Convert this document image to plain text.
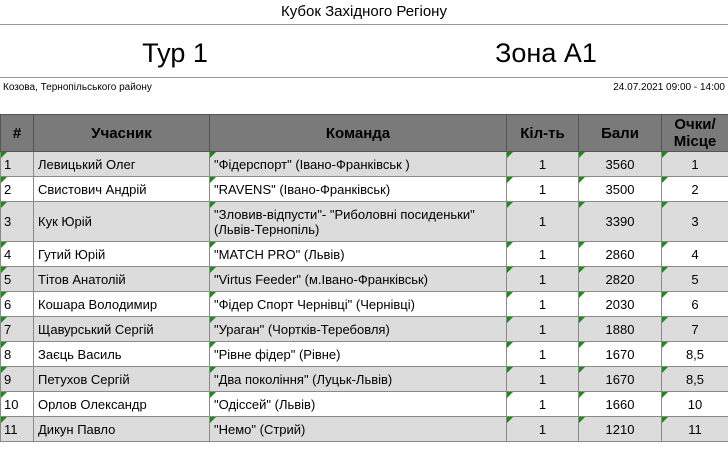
Кубок Західного Регіону
Тур 1	Зона А1
Козова, Тернопільського району	24.07.2021 09:00 - 14:00
#	Учасник	Команда	Кіл-ть	Бали	Очки/
Місце
1	Левицький Олег	"Фідерспорт" (Івано-Франківськ )	1	3560	1
2	Свистович Андрій	"RAVENS" (Івано-Франківськ)	1	3500	2
3	Кук Юрій	"Зловив-відпусти"- "Риболовні посиденьки" (Львів-Тернопіль)	1	3390	3
4	Гутий Юрій	"MATCH PRO" (Львів)	1	2860	4
5	Тітов Анатолій	"Virtus Feeder" (м.Івано-Франківськ)	1	2820	5
6	Кошара Володимир	"Фідер Спорт Чернівці" (Чернівці)	1	2030	6
7	Щавурський Сергій	"Ураган" (Чортків-Теребовля)	1	1880	7
8	Заєць Василь	"Рівне фідер" (Рівне)	1	1670	8,5
9	Петухов Сергій	"Два покоління" (Луцьк-Львів)	1	1670	8,5
10	Орлов Олександр	"Одіссей" (Львів)	1	1660	10
11	Дикун Павло	"Немо" (Стрий)	1	1210	11
